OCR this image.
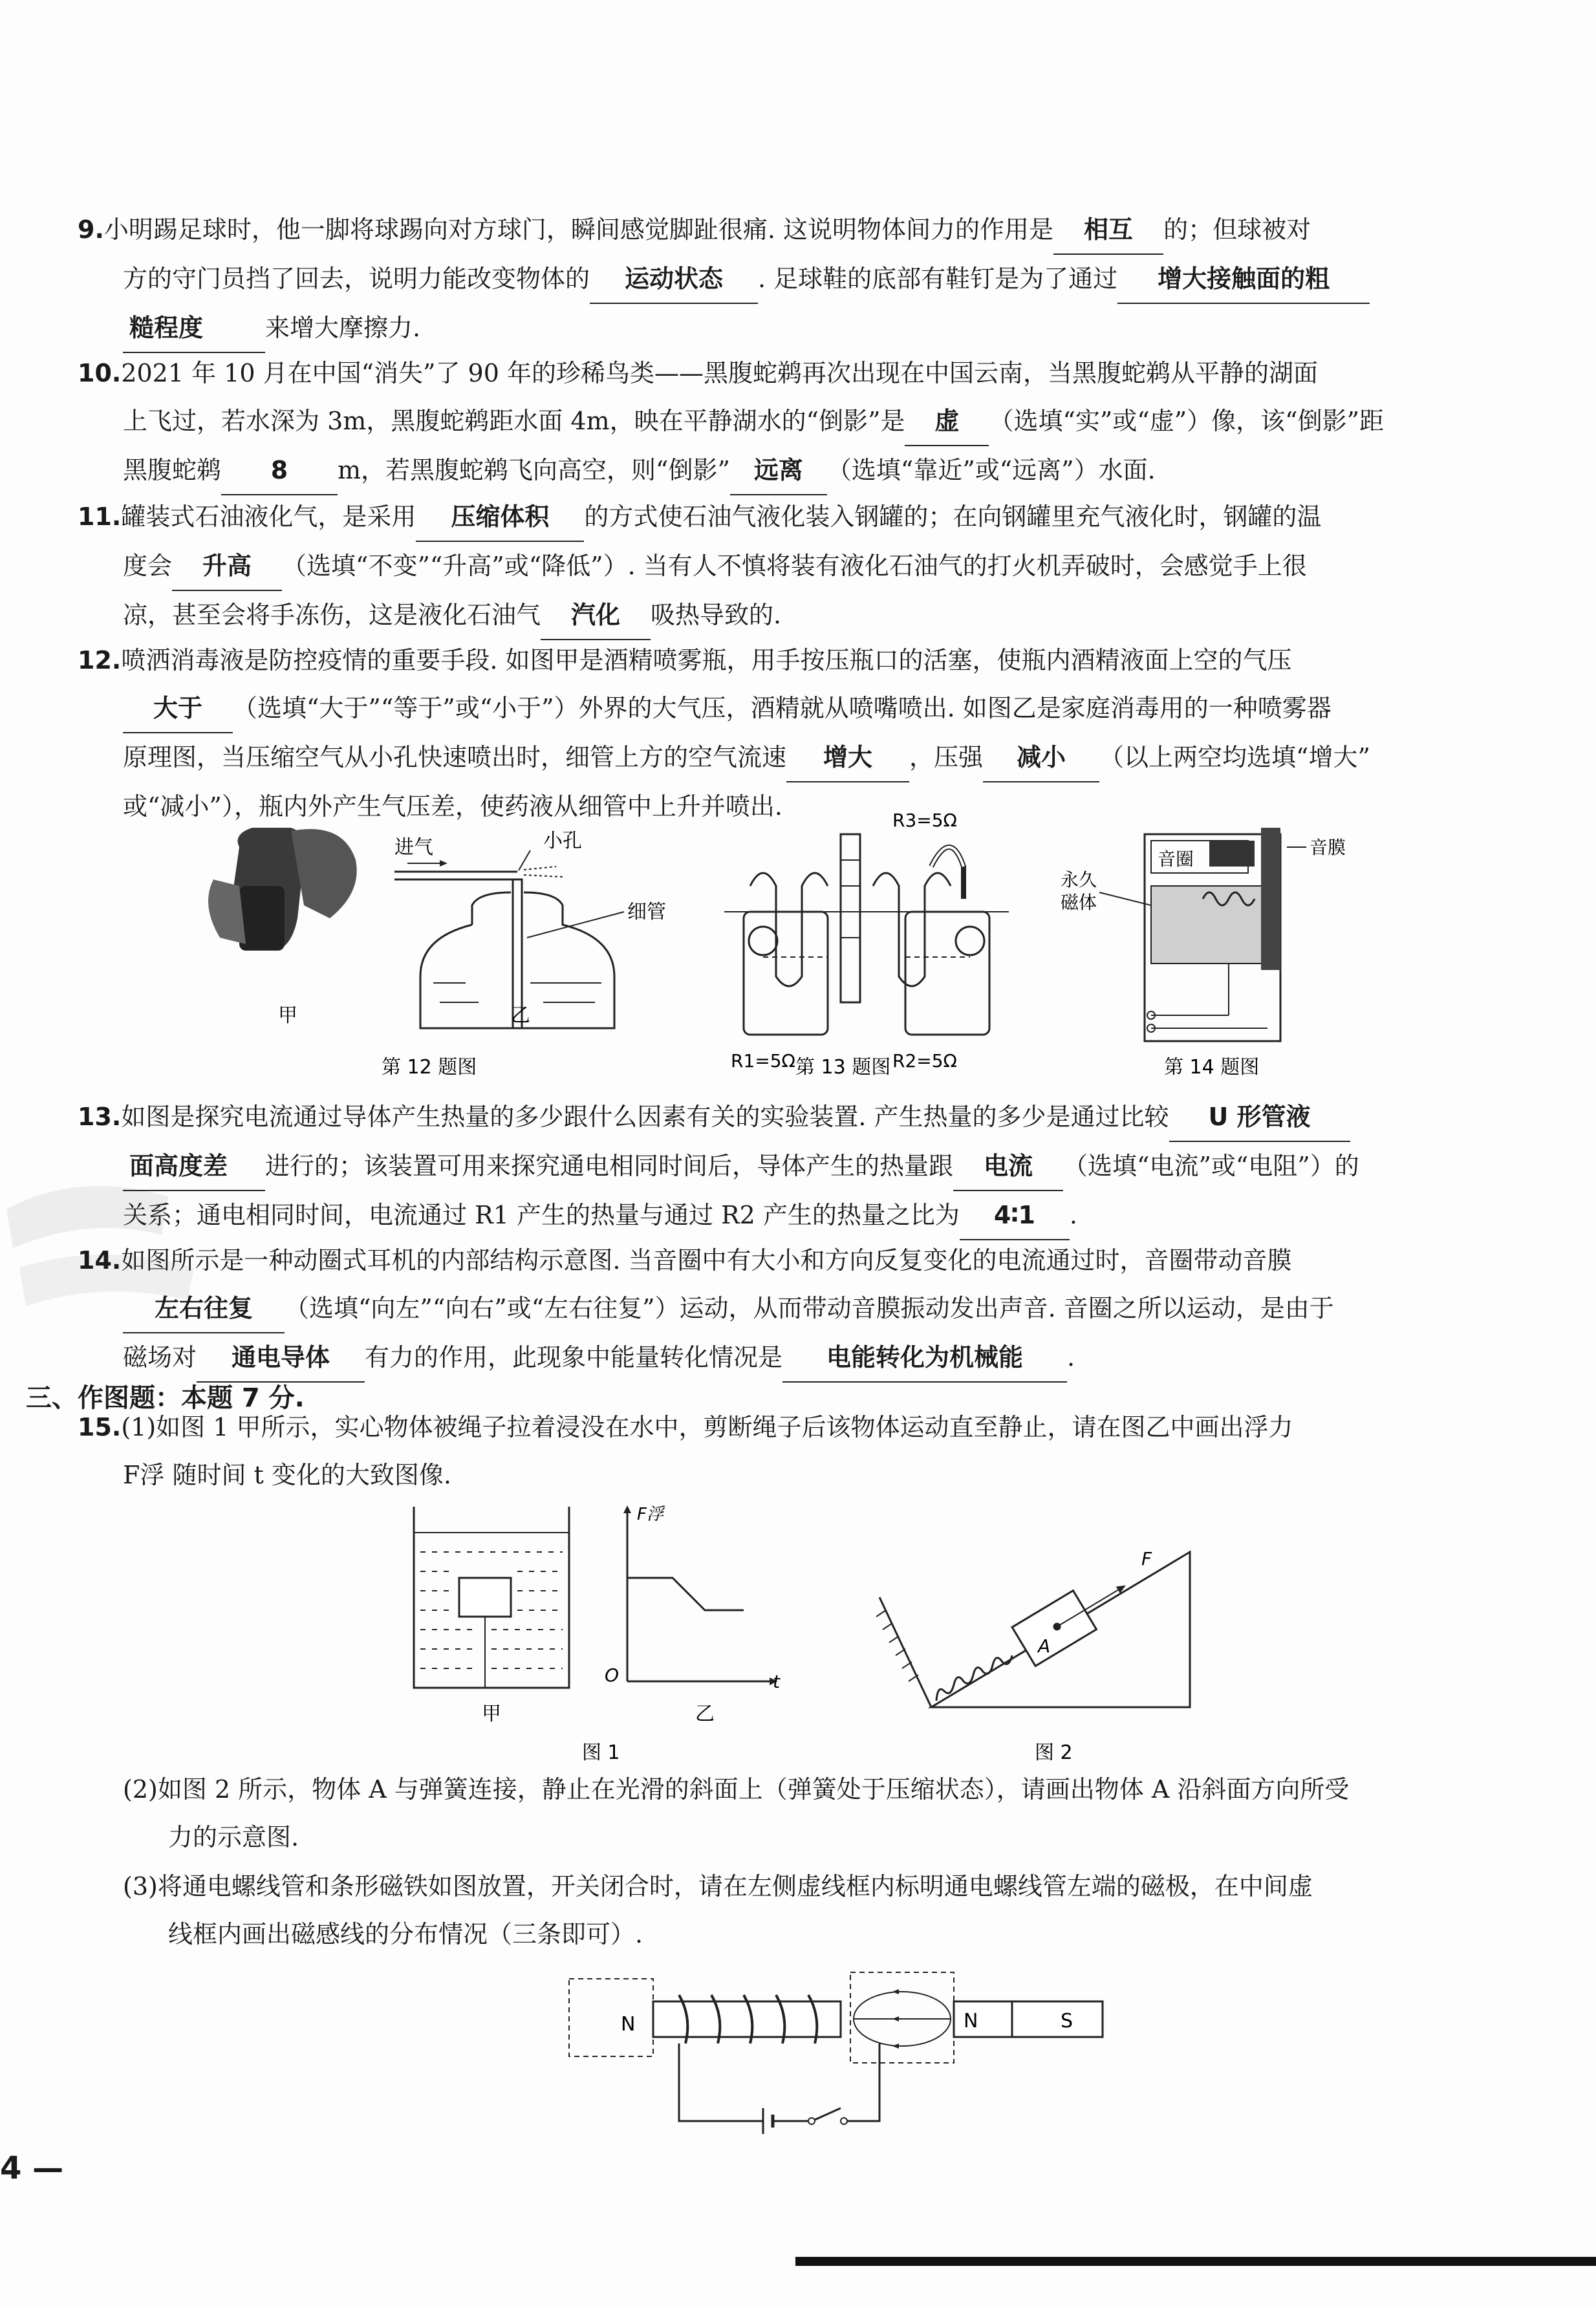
9.小明踢足球时，他一脚将球踢向对方球门，瞬间感觉脚趾很痛. 这说明物体间力的作用是 相互 的；但球被对
方的守门员挡了回去，说明力能改变物体的 运动状态 . 足球鞋的底部有鞋钉是为了通过 增大接触面的粗
糙程度	来增大摩擦力.
10.2021 年 10 月在中国“消失”了 90 年的珍稀鸟类——黑腹蛇鹈再次出现在中国云南，当黑腹蛇鹈从平静的湖面
上飞过，若水深为 3m，黑腹蛇鹈距水面 4m，映在平静湖水的“倒影”是 虚 （选填“实”或“虚”）像，该“倒影”距
黑腹蛇鹈 8 m，若黑腹蛇鹈飞向高空，则“倒影” 远离 （选填“靠近”或“远离”）水面.
11.罐装式石油液化气，是采用 压缩体积 的方式使石油气液化装入钢罐的；在向钢罐里充气液化时，钢罐的温
度会 升高 （选填“不变”“升高”或“降低”）. 当有人不慎将装有液化石油气的打火机弄破时，会感觉手上很
凉，甚至会将手冻伤，这是液化石油气 汽化 吸热导致的.
12.喷洒消毒液是防控疫情的重要手段. 如图甲是酒精喷雾瓶，用手按压瓶口的活塞，使瓶内酒精液面上空的气压
大于 （选填“大于”“等于”或“小于”）外界的大气压，酒精就从喷嘴喷出. 如图乙是家庭消毒用的一种喷雾器
原理图，当压缩空气从小孔快速喷出时，细管上方的空气流速 增大 ，压强 减小 （以上两空均选填“增大”
或“减小”），瓶内外产生气压差，使药液从细管中上升并喷出.
甲
进气	小孔
细管
乙
第 12 题图
R3=5Ω
R1=5Ω	R2=5Ω
第 13 题图
音圈
音膜
永久
磁体
第 14 题图
13.如图是探究电流通过导体产生热量的多少跟什么因素有关的实验装置. 产生热量的多少是通过比较 U 形管液
面高度差 进行的；该装置可用来探究通电相同时间后，导体产生的热量跟 电流 （选填“电流”或“电阻”）的
关系；通电相同时间，电流通过 R1 产生的热量与通过 R2 产生的热量之比为 4∶1 .
14.如图所示是一种动圈式耳机的内部结构示意图. 当音圈中有大小和方向反复变化的电流通过时，音圈带动音膜
左右往复 （选填“向左”“向右”或“左右往复”）运动，从而带动音膜振动发出声音. 音圈之所以运动，是由于
磁场对 通电导体 有力的作用，此现象中能量转化情况是 电能转化为机械能 .
三、作图题：本题 7 分.
15.(1)如图 1 甲所示，实心物体被绳子拉着浸没在水中，剪断绳子后该物体运动直至静止，请在图乙中画出浮力
F浮 随时间 t 变化的大致图像.
甲
F浮
O	t
乙
图 1
A
F
图 2
(2)如图 2 所示，物体 A 与弹簧连接，静止在光滑的斜面上（弹簧处于压缩状态），请画出物体 A 沿斜面方向所受
力的示意图.
(3)将通电螺线管和条形磁铁如图放置，开关闭合时，请在左侧虚线框内标明通电螺线管左端的磁极，在中间虚
线框内画出磁感线的分布情况（三条即可）.
N	N	S
4 —
